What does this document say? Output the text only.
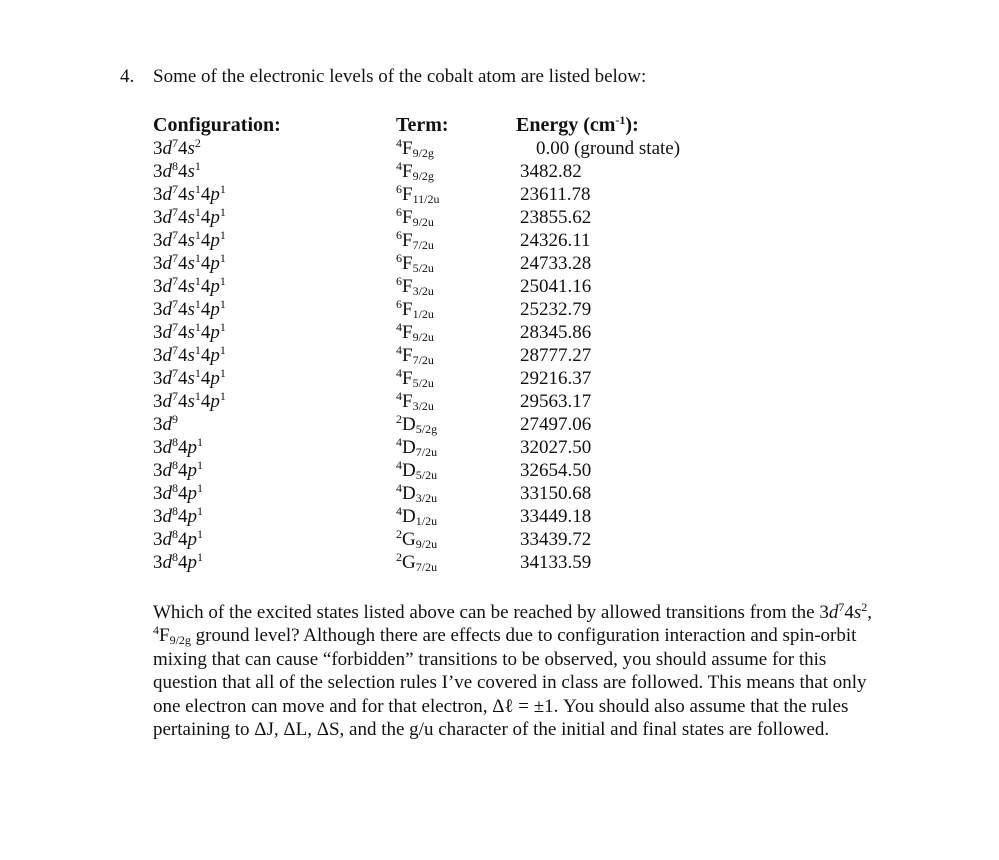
4. Some of the electronic levels of the cobalt atom are listed below:
Configuration:	Term:	Energy $(cm^{-1})$:
$3d^74s^2$
$3d^84s^1$
$3d^74s^14p^1$
$3d^74s^14p^1$
$3d^74s^14p^1$
$3d^74s^14p^1$
$3d^74s^14p^1$
$3d^74s^14p^1$
$3d^74s^14p^1$
$3d^74s^14p^1$
$3d^74s^14p^1$
$3d^74s^14p^1$
$3d^9$
$3d^84p^1$
$3d^84p^1$
$3d^84p^1$
$3d^84p^1$
$3d^84p^1$
$3d^84p^1$
$^4F_{9/2g}$
$^4F_{9/2g}$
$^6F_{11/2u}$
$^6F_{9/2u}$
$^6F_{7/2u}$
$^6F_{5/2u}$
$^6F_{3/2u}$
$^6F_{1/2u}$
$^4F_{9/2u}$
$^4F_{7/2u}$
$^4F_{5/2u}$
$^4F_{3/2u}$
$^2D_{5/2g}$
$^4D_{7/2u}$
$^4D_{5/2u}$
$^4D_{3/2u}$
$^4D_{1/2u}$
$^2G_{9/2u}$
$^2G_{7/2u}$
0.00 (ground state)
3482.82
23611.78
23855.62
24326.11
24733.28
25041.16
25232.79
28345.86
28777.27
29216.37
29563.17
27497.06
32027.50
32654.50
33150.68
33449.18
33439.72
34133.59
Which of the excited states listed above can be reached by allowed transitions from the $3d^74s^2$, $^4F_{9/2g}$ ground level? Although there are effects due to configuration interaction and spin-orbit mixing that can cause “forbidden” transitions to be observed, you should assume for this question that all of the selection rules I’ve covered in class are followed. This means that only one electron can move and for that electron, Δℓ = ±1. You should also assume that the rules pertaining to ΔJ, ΔL, ΔS, and the g/u character of the initial and final states are followed.
